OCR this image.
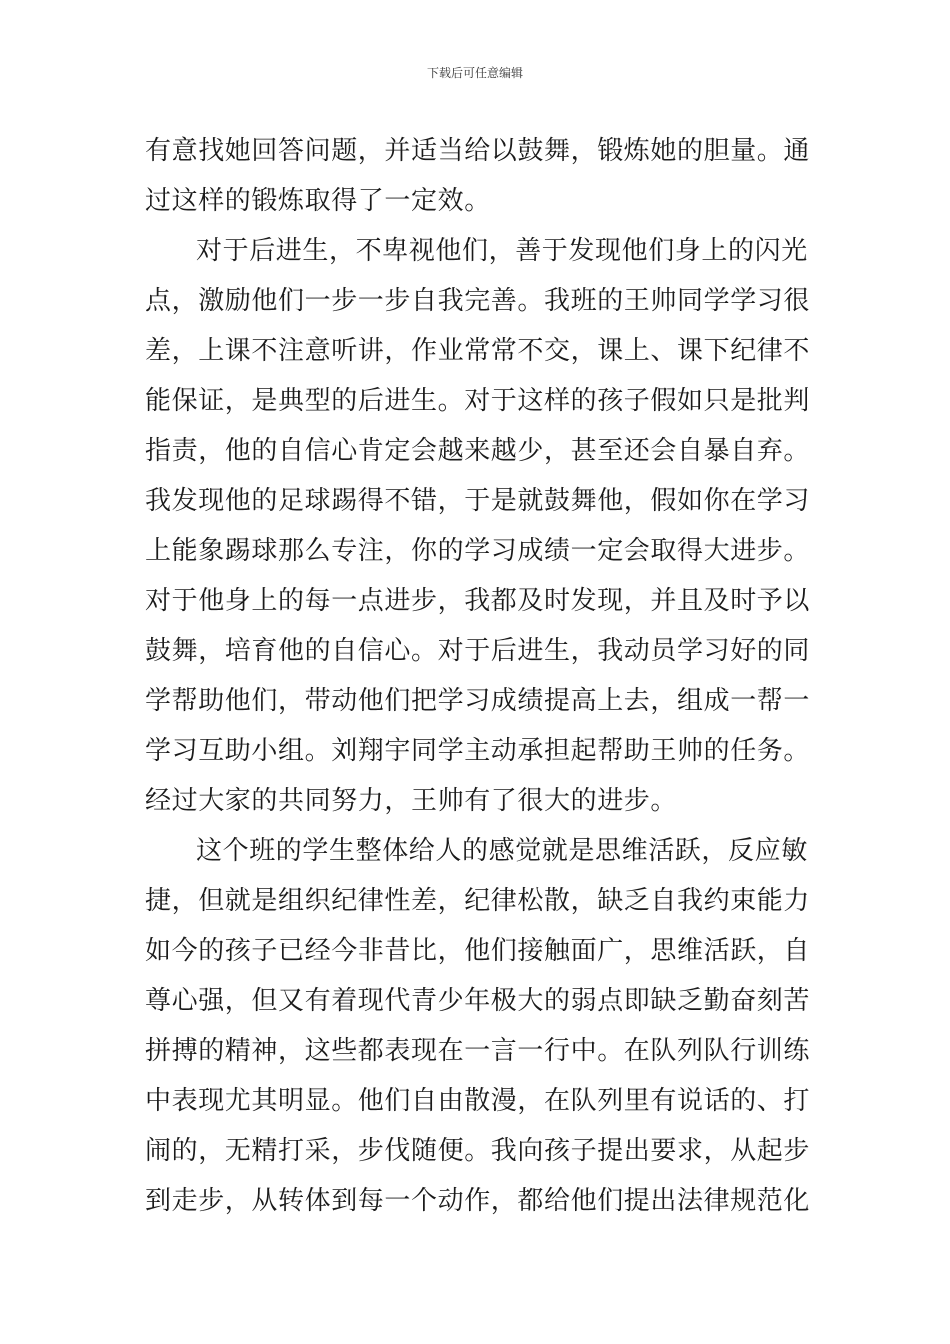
下载后可任意编辑
有意找她回答问题，并适当给以鼓舞，锻炼她的胆量。通
过这样的锻炼取得了一定效。
对于后进生，不卑视他们，善于发现他们身上的闪光
点，激励他们一步一步自我完善。我班的王帅同学学习很
差，上课不注意听讲，作业常常不交，课上、课下纪律不
能保证，是典型的后进生。对于这样的孩子假如只是批判
指责，他的自信心肯定会越来越少，甚至还会自暴自弃。
我发现他的足球踢得不错，于是就鼓舞他，假如你在学习
上能象踢球那么专注，你的学习成绩一定会取得大进步。
对于他身上的每一点进步，我都及时发现，并且及时予以
鼓舞，培育他的自信心。对于后进生，我动员学习好的同
学帮助他们，带动他们把学习成绩提高上去，组成一帮一
学习互助小组。刘翔宇同学主动承担起帮助王帅的任务。
经过大家的共同努力，王帅有了很大的进步。
这个班的学生整体给人的感觉就是思维活跃，反应敏
捷，但就是组织纪律性差，纪律松散，缺乏自我约束能力
如今的孩子已经今非昔比，他们接触面广，思维活跃，自
尊心强，但又有着现代青少年极大的弱点即缺乏勤奋刻苦
拼搏的精神，这些都表现在一言一行中。在队列队行训练
中表现尤其明显。他们自由散漫，在队列里有说话的、打
闹的，无精打采，步伐随便。我向孩子提出要求，从起步
到走步，从转体到每一个动作，都给他们提出法律规范化
